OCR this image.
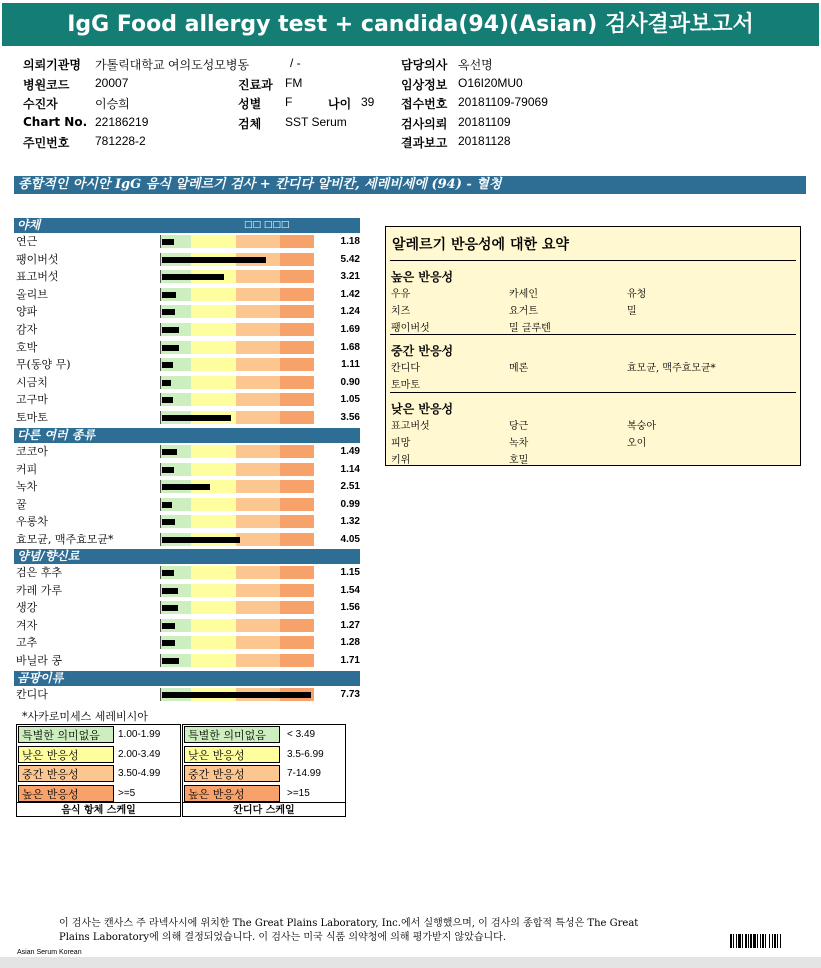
IgG Food allergy test + candida(94)(Asian) 검사결과보고서
의뢰기관명 가톨릭대학교 여의도성모병동	/ -
병원코드 20007
수진자	이승희
Chart No. 22186219
주민번호 781228-2
진료과 FM
성별 F	나이 39
검체 SST Serum
담당의사 옥선명
임상정보 O16I20MU0
접수번호 20181109-79069
검사의뢰 20181109
결과보고 20181128
종합적인 아시안 IgG 음식 알레르기 검사 + 칸디다 알비칸, 세레비세에 (94) - 혈청
야채	□□ □□□
연근	1.18
팽이버섯	5.42
표고버섯	3.21
올리브	1.42
양파	1.24
감자	1.69
호박	1.68
무(동양 무)	1.11
시금치	0.90
고구마	1.05
토마토	3.56
다른 여러 종류
코코아	1.49
커피	1.14
녹차	2.51
꿀	0.99
우롱차	1.32
효모균, 맥주효모균*	4.05
양념/향신료
검은 후추	1.15
카레 가루	1.54
생강	1.56
겨자	1.27
고추	1.28
바닐라 콩	1.71
곰팡이류
칸디다	7.73
*사카로미세스 세레비시아
알레르기 반응성에 대한 요약
높은 반응성
우유	카세인	유청
치즈	요거트	밀
팽이버섯	밀 글루텐
중간 반응성
칸디다	메론	효모균, 맥주효모균*
토마토
낮은 반응성
표고버섯	당근	복숭아
피망	녹차	오이
키위	호밀
특별한 의미없음	1.00-1.99
낮은 반응성	2.00-3.49
중간 반응성	3.50-4.99
높은 반응성	>=5
음식 항체 스케일
특별한 의미없음	< 3.49
낮은 반응성	3.5-6.99
중간 반응성	7-14.99
높은 반응성	>=15
칸디다 스케일
이 검사는 캔사스 주 라넥사시에 위치한 The Great Plains Laboratory, Inc.에서 실행했으며, 이 검사의 종합적 특성은 The Great
Plains Laboratory에 의해 결정되었습니다. 이 검사는 미국 식품 의약청에 의해 평가받지 않았습니다.
Asian Serum Korean
